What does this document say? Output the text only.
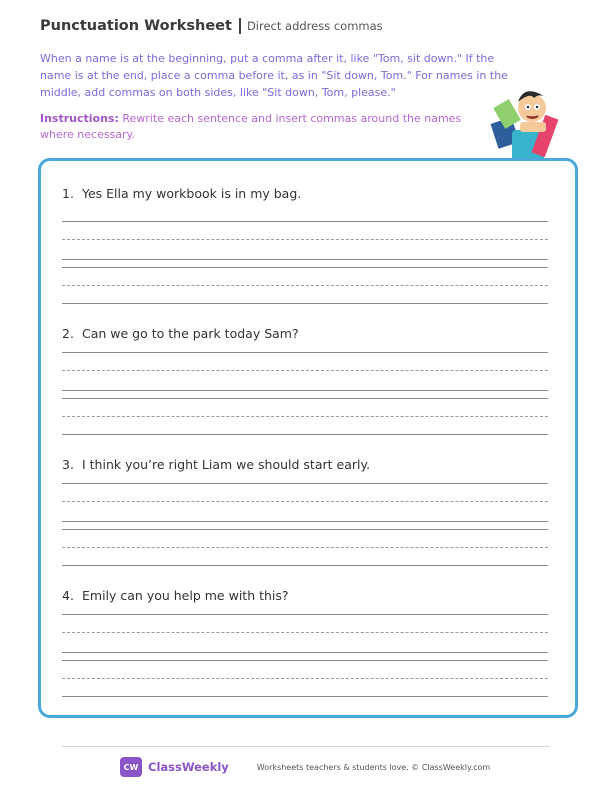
Punctuation Worksheet Direct address commas

When a name is at the beginning, put a comma after it, like "Tom, sit down." If the name is at the end, place a comma before it, as in "Sit down, Tom." For names in the middle, add commas on both sides, like "Sit down, Tom, please."

Instructions: Rewrite each sentence and insert commas around the names where necessary.

1. Yes Ella my workbook is in my bag.
2. Can we go to the park today Sam?
3. I think you’re right Liam we should start early.
4. Emily can you help me with this?
CW ClassWeekly	Worksheets teachers & students love. © ClassWeekly.com
